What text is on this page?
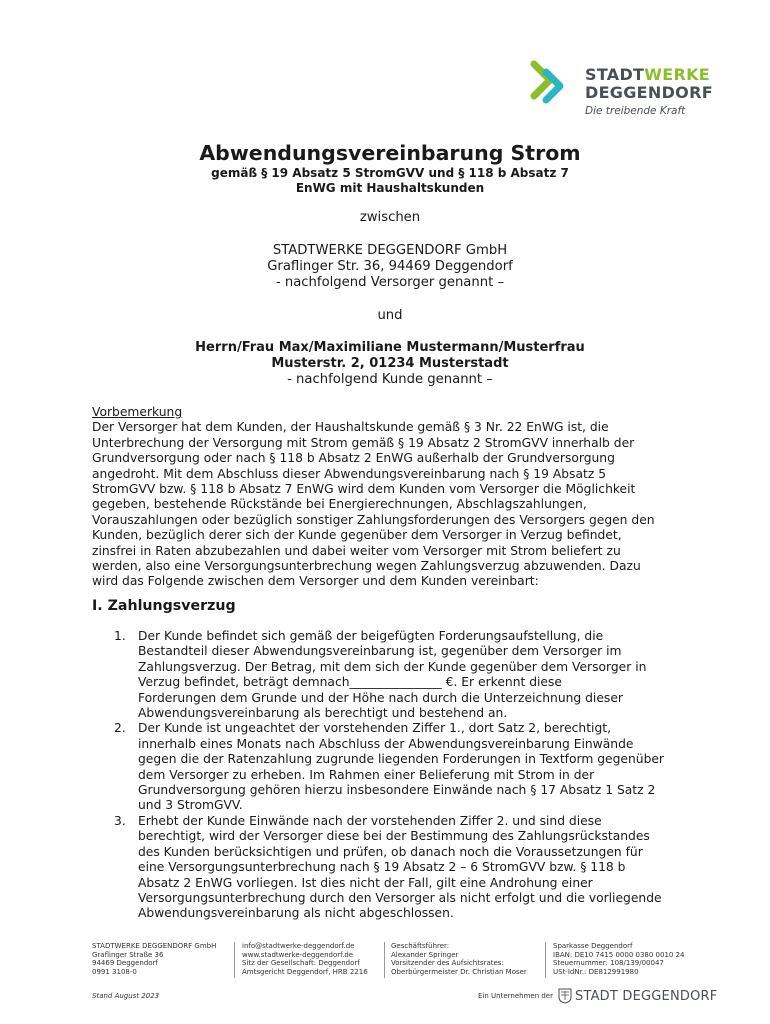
STADTWERKE
DEGGENDORF
Die treibende Kraft
Abwendungsvereinbarung Strom
gemäß § 19 Absatz 5 StromGVV und § 118 b Absatz 7
EnWG mit Haushaltskunden
zwischen
STADTWERKE DEGGENDORF GmbH
Graflinger Str. 36, 94469 Deggendorf
- nachfolgend Versorger genannt –
und
Herrn/Frau Max/Maximiliane Mustermann/Musterfrau
Musterstr. 2, 01234 Musterstadt
- nachfolgend Kunde genannt –
Vorbemerkung
Der Versorger hat dem Kunden, der Haushaltskunde gemäß § 3 Nr. 22 EnWG ist, die
Unterbrechung der Versorgung mit Strom gemäß § 19 Absatz 2 StromGVV innerhalb der
Grundversorgung oder nach § 118 b Absatz 2 EnWG außerhalb der Grundversorgung
angedroht. Mit dem Abschluss dieser Abwendungsvereinbarung nach § 19 Absatz 5
StromGVV bzw. § 118 b Absatz 7 EnWG wird dem Kunden vom Versorger die Möglichkeit
gegeben, bestehende Rückstände bei Energierechnungen, Abschlagszahlungen,
Vorauszahlungen oder bezüglich sonstiger Zahlungsforderungen des Versorgers gegen den
Kunden, bezüglich derer sich der Kunde gegenüber dem Versorger in Verzug befindet,
zinsfrei in Raten abzubezahlen und dabei weiter vom Versorger mit Strom beliefert zu
werden, also eine Versorgungsunterbrechung wegen Zahlungsverzug abzuwenden. Dazu
wird das Folgende zwischen dem Versorger und dem Kunden vereinbart:
I. Zahlungsverzug
1. Der Kunde befindet sich gemäß der beigefügten Forderungsaufstellung, die
Bestandteil dieser Abwendungsvereinbarung ist, gegenüber dem Versorger im
Zahlungsverzug. Der Betrag, mit dem sich der Kunde gegenüber dem Versorger in
Verzug befindet, beträgt demnach_______________ €. Er erkennt diese
Forderungen dem Grunde und der Höhe nach durch die Unterzeichnung dieser
Abwendungsvereinbarung als berechtigt und bestehend an.
2. Der Kunde ist ungeachtet der vorstehenden Ziffer 1., dort Satz 2, berechtigt,
innerhalb eines Monats nach Abschluss der Abwendungsvereinbarung Einwände
gegen die der Ratenzahlung zugrunde liegenden Forderungen in Textform gegenüber
dem Versorger zu erheben. Im Rahmen einer Belieferung mit Strom in der
Grundversorgung gehören hierzu insbesondere Einwände nach § 17 Absatz 1 Satz 2
und 3 StromGVV.
3. Erhebt der Kunde Einwände nach der vorstehenden Ziffer 2. und sind diese
berechtigt, wird der Versorger diese bei der Bestimmung des Zahlungsrückstandes
des Kunden berücksichtigen und prüfen, ob danach noch die Voraussetzungen für
eine Versorgungsunterbrechung nach § 19 Absatz 2 – 6 StromGVV bzw. § 118 b
Absatz 2 EnWG vorliegen. Ist dies nicht der Fall, gilt eine Androhung einer
Versorgungsunterbrechung durch den Versorger als nicht erfolgt und die vorliegende
Abwendungsvereinbarung als nicht abgeschlossen.
STADTWERKE DEGGENDORF GmbH
Graflinger Straße 36
94469 Deggendorf
0991 3108-0
info@stadtwerke-deggendorf.de
www.stadtwerke-deggendorf.de
Sitz der Gesellschaft: Deggendorf
Amtsgericht Deggendorf, HRB 2216
Geschäftsführer:
Alexander Springer
Vorsitzender des Aufsichtsrates:
Oberbürgermeister Dr. Christian Moser
Sparkasse Deggendorf
IBAN: DE10 7415 0000 0380 0010 24
Steuernummer: 108/139/00047
USt-IdNr.: DE812991980
Stand August 2023	Ein Unternehmen der STADT DEGGENDORF
